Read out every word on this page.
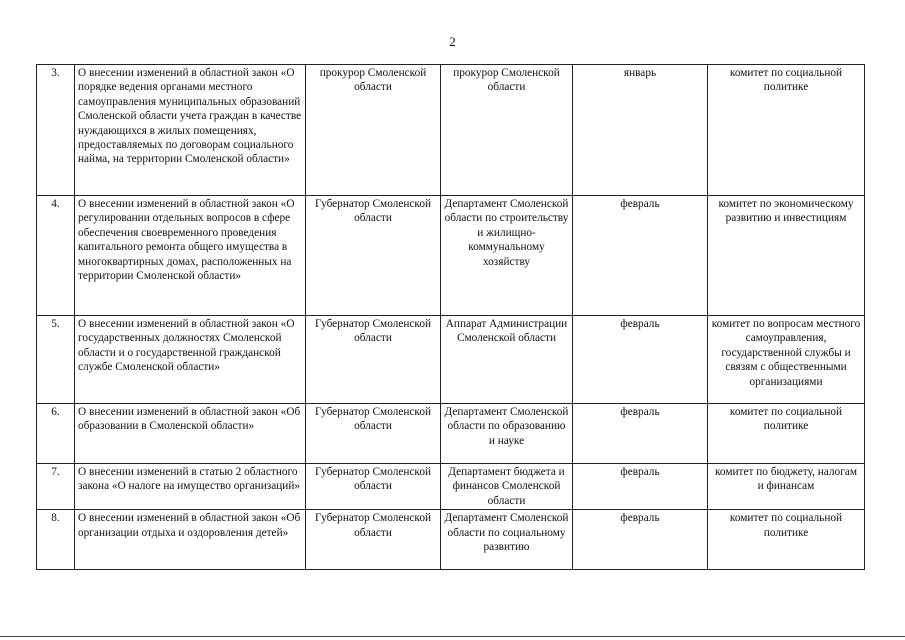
2
3.	О внесении изменений в областной закон «О порядке ведения органами местного самоуправления муниципальных образований Смоленской области учета граждан в качестве нуждающихся в жилых помещениях, предоставляемых по договорам социального найма, на территории Смоленской области»	прокурор Смоленской области	прокурор Смоленской области	январь	комитет по социальной политике
4.	О внесении изменений в областной закон «О регулировании отдельных вопросов в сфере обеспечения своевременного проведения капитального ремонта общего имущества в многоквартирных домах, расположенных на территории Смоленской области»	Губернатор Смоленской области	Департамент Смоленской области по строительству и жилищно-коммунальному хозяйству	февраль	комитет по экономическому развитию и инвестициям
5.	О внесении изменений в областной закон «О государственных должностях Смоленской области и о государственной гражданской службе Смоленской области»	Губернатор Смоленской области	Аппарат Администрации Смоленской области	февраль	комитет по вопросам местного самоуправления, государственной службы и связям с общественными организациями
6.	О внесении изменений в областной закон «Об образовании в Смоленской области»	Губернатор Смоленской области	Департамент Смоленской области по образованию и науке	февраль	комитет по социальной политике
7.	О внесении изменений в статью 2 областного закона «О налоге на имущество организаций»	Губернатор Смоленской области	Департамент бюджета и финансов Смоленской области	февраль	комитет по бюджету, налогам и финансам
8.	О внесении изменений в областной закон «Об организации отдыха и оздоровления детей»	Губернатор Смоленской области	Департамент Смоленской области по социальному развитию	февраль	комитет по социальной политике
